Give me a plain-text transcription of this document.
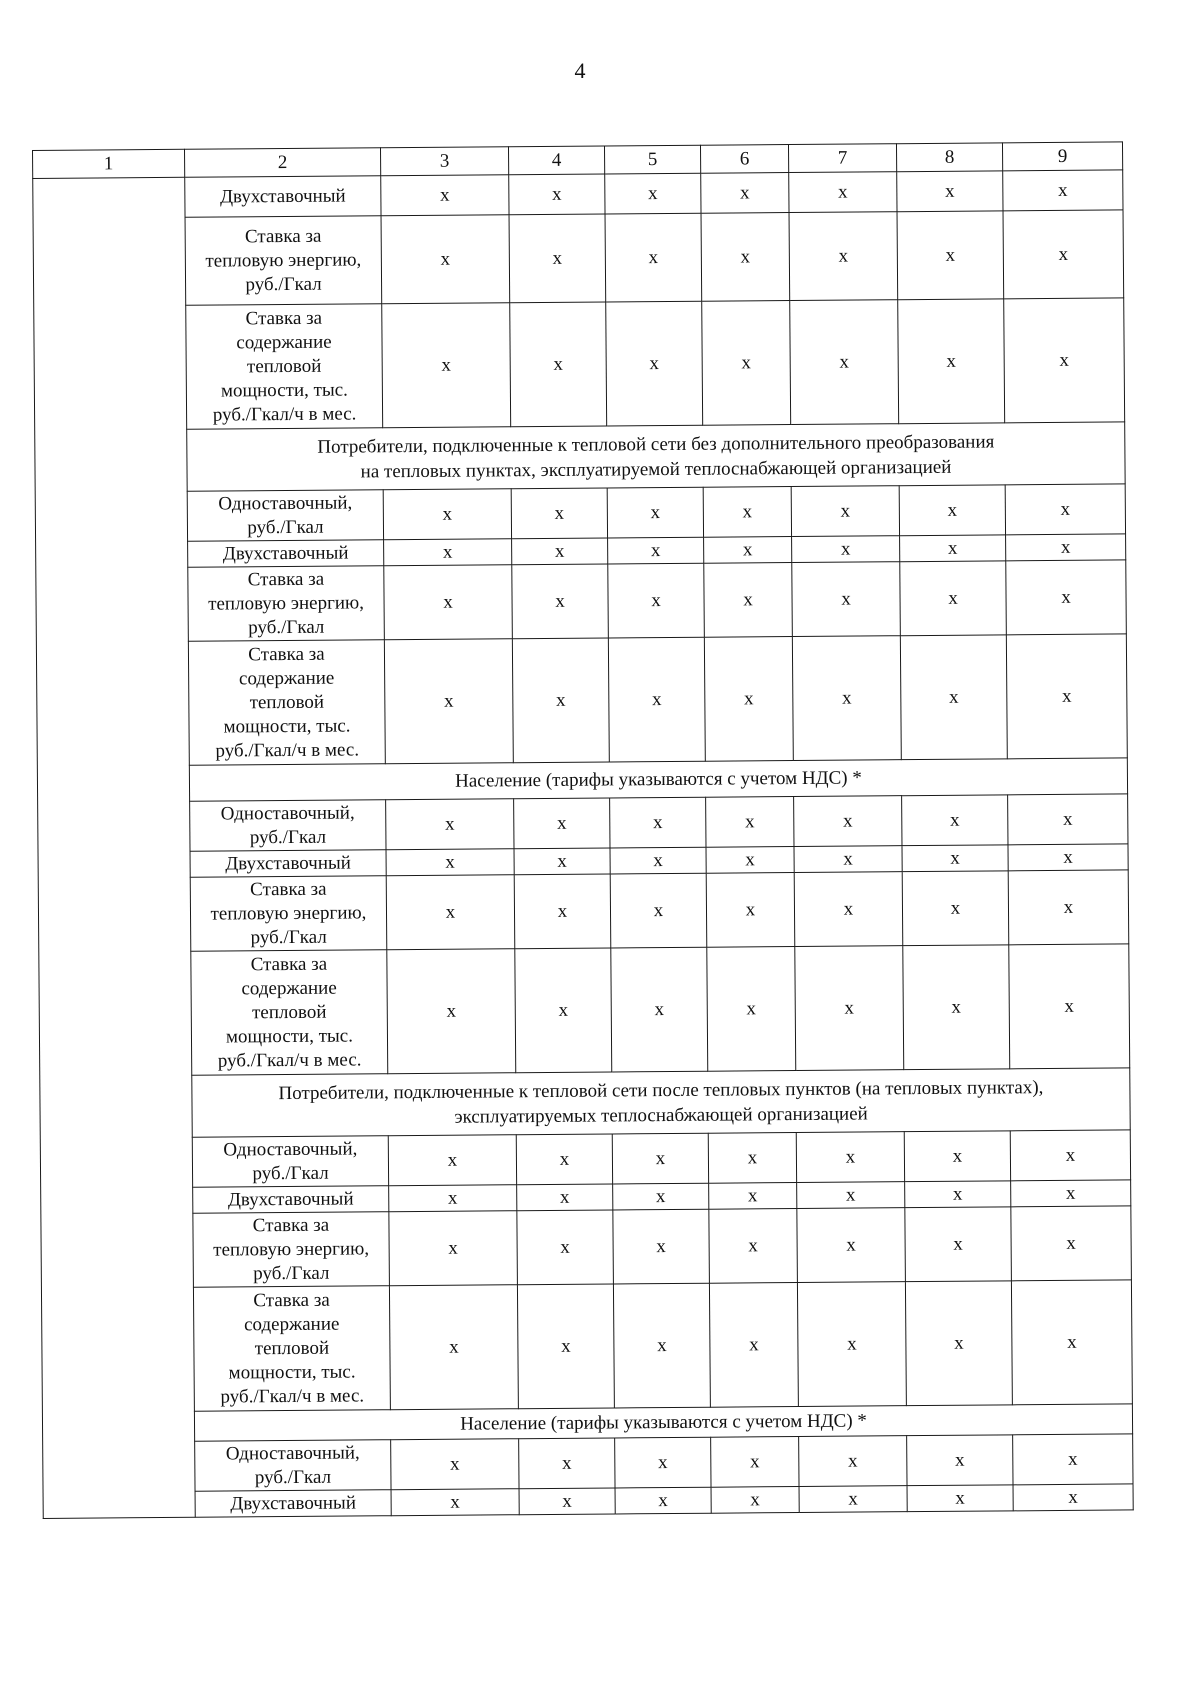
4
1	2	3	4	5	6	7	8	9

	Двухставочный	х	х	х	х	х	х	х

	Ставка за
тепловую энергию,
руб./Гкал	х	х	х	х	х	х	х

	Ставка за
содержание
тепловой
мощности, тыс.
руб./Гкал/ч в мес.	х	х	х	х	х	х	х

	Потребители, подключенные к тепловой сети без дополнительного преобразования
на тепловых пунктах, эксплуатируемой теплоснабжающей организацией							

	Одноставочный,
руб./Гкал	х	х	х	х	х	х	х

	Двухставочный	х	х	х	х	х	х	х

	Ставка за
тепловую энергию,
руб./Гкал	х	х	х	х	х	х	х

	Ставка за
содержание
тепловой
мощности, тыс.
руб./Гкал/ч в мес.	х	х	х	х	х	х	х

	Население (тарифы указываются с учетом НДС) *							

	Одноставочный,
руб./Гкал	х	х	х	х	х	х	х

	Двухставочный	х	х	х	х	х	х	х

	Ставка за
тепловую энергию,
руб./Гкал	х	х	х	х	х	х	х

	Ставка за
содержание
тепловой
мощности, тыс.
руб./Гкал/ч в мес.	х	х	х	х	х	х	х

	Потребители, подключенные к тепловой сети после тепловых пунктов (на тепловых пунктах),
эксплуатируемых теплоснабжающей организацией							

	Одноставочный,
руб./Гкал	х	х	х	х	х	х	х

	Двухставочный	х	х	х	х	х	х	х

	Ставка за
тепловую энергию,
руб./Гкал	х	х	х	х	х	х	х

	Ставка за
содержание
тепловой
мощности, тыс.
руб./Гкал/ч в мес.	х	х	х	х	х	х	х

	Население (тарифы указываются с учетом НДС) *							

	Одноставочный,
руб./Гкал	х	х	х	х	х	х	х

	Двухставочный	х	х	х	х	х	х	х
